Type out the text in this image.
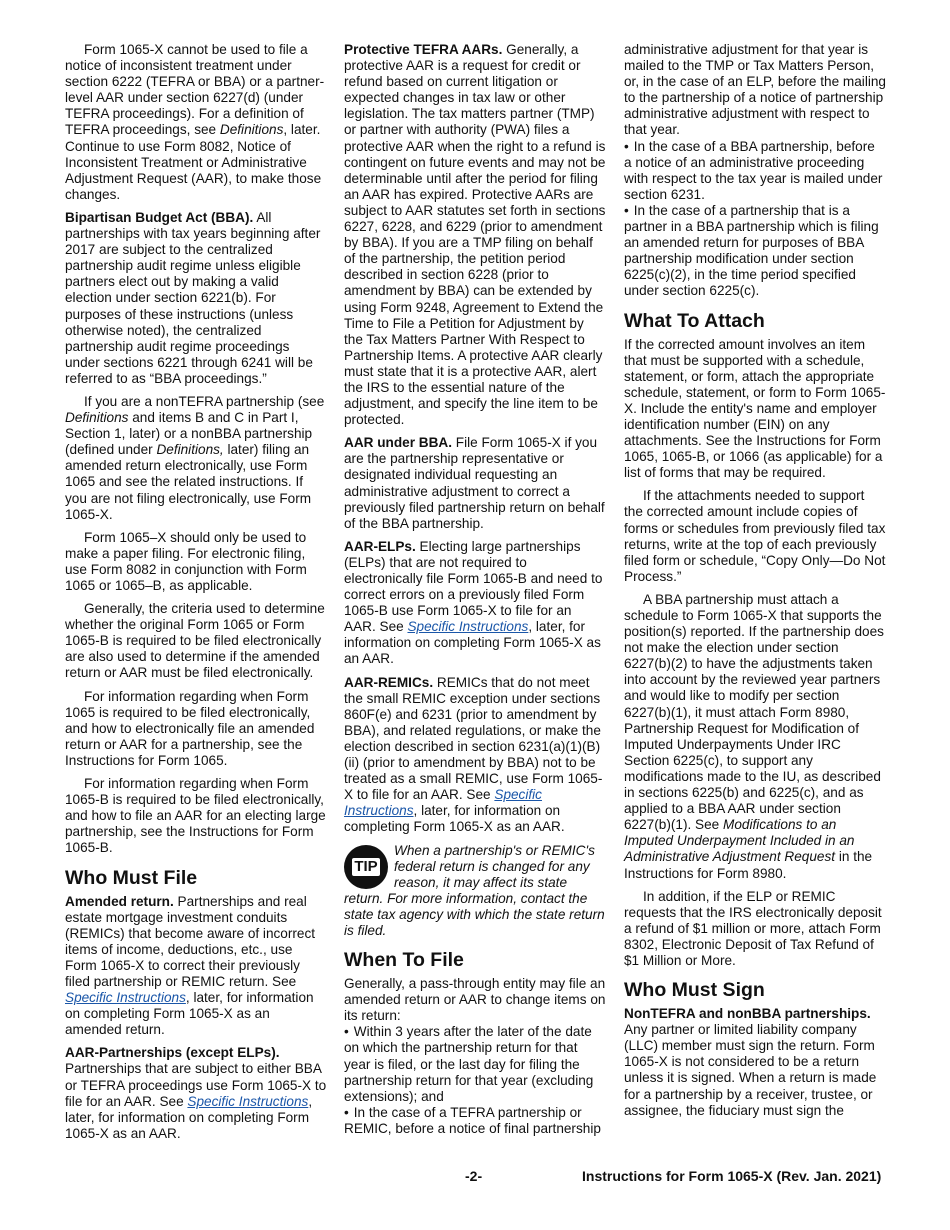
Form 1065-X cannot be used to file a notice of inconsistent treatment under section 6222 (TEFRA or BBA) or a partner-level AAR under section 6227(d) (under TEFRA proceedings). For a definition of TEFRA proceedings, see Definitions, later. Continue to use Form 8082, Notice of Inconsistent Treatment or Administrative Adjustment Request (AAR), to make those changes.

Bipartisan Budget Act (BBA). All partnerships with tax years beginning after 2017 are subject to the centralized partnership audit regime unless eligible partners elect out by making a valid election under section 6221(b). For purposes of these instructions (unless otherwise noted), the centralized partnership audit regime proceedings under sections 6221 through 6241 will be referred to as “BBA proceedings.”

If you are a nonTEFRA partnership (see Definitions and items B and C in Part I, Section 1, later) or a nonBBA partnership (defined under Definitions, later) filing an amended return electronically, use Form 1065 and see the related instructions. If you are not filing electronically, use Form 1065-X.

Form 1065–X should only be used to make a paper filing. For electronic filing, use Form 8082 in conjunction with Form 1065 or 1065–B, as applicable.

Generally, the criteria used to determine whether the original Form 1065 or Form 1065-B is required to be filed electronically are also used to determine if the amended return or AAR must be filed electronically.

For information regarding when Form 1065 is required to be filed electronically, and how to electronically file an amended return or AAR for a partnership, see the Instructions for Form 1065.

For information regarding when Form 1065-B is required to be filed electronically, and how to file an AAR for an electing large partnership, see the Instructions for Form 1065-B.

Who Must File

Amended return. Partnerships and real estate mortgage investment conduits (REMICs) that become aware of incorrect items of income, deductions, etc., use Form 1065-X to correct their previously filed partnership or REMIC return. See Specific Instructions, later, for information on completing Form 1065-X as an amended return.

AAR-Partnerships (except ELPs). Partnerships that are subject to either BBA or TEFRA proceedings use Form 1065-X to file for an AAR. See Specific Instructions, later, for information on completing Form 1065-X as an AAR.

Protective TEFRA AARs. Generally, a protective AAR is a request for credit or refund based on current litigation or expected changes in tax law or other legislation. The tax matters partner (TMP) or partner with authority (PWA) files a protective AAR when the right to a refund is contingent on future events and may not be determinable until after the period for filing an AAR has expired. Protective AARs are subject to AAR statutes set forth in sections 6227, 6228, and 6229 (prior to amendment by BBA). If you are a TMP filing on behalf of the partnership, the petition period described in section 6228 (prior to amendment by BBA) can be extended by using Form 9248, Agreement to Extend the Time to File a Petition for Adjustment by the Tax Matters Partner With Respect to Partnership Items. A protective AAR clearly must state that it is a protective AAR, alert the IRS to the essential nature of the adjustment, and specify the line item to be protected.

AAR under BBA. File Form 1065-X if you are the partnership representative or designated individual requesting an administrative adjustment to correct a previously filed partnership return on behalf of the BBA partnership.

AAR-ELPs. Electing large partnerships (ELPs) that are not required to electronically file Form 1065-B and need to correct errors on a previously filed Form 1065-B use Form 1065-X to file for an AAR. See Specific Instructions, later, for information on completing Form 1065-X as an AAR.

AAR-REMICs. REMICs that do not meet the small REMIC exception under sections 860F(e) and 6231 (prior to amendment by BBA), and related regulations, or make the election described in section 6231(a)(1)(B)(ii) (prior to amendment by BBA) not to be treated as a small REMIC, use Form 1065-X to file for an AAR. See Specific Instructions, later, for information on completing Form 1065-X as an AAR.

TIP
When a partnership's or REMIC's federal return is changed for any reason, it may affect its state return. For more information, contact the state tax agency with which the state return is filed.
When To File

Generally, a pass-through entity may file an amended return or AAR to change items on its return:

• Within 3 years after the later of the date on which the partnership return for that year is filed, or the last day for filing the partnership return for that year (excluding extensions); and

• In the case of a TEFRA partnership or REMIC, before a notice of final partnership

administrative adjustment for that year is mailed to the TMP or Tax Matters Person, or, in the case of an ELP, before the mailing to the partnership of a notice of partnership administrative adjustment with respect to that year.

• In the case of a BBA partnership, before a notice of an administrative proceeding with respect to the tax year is mailed under section 6231.

• In the case of a partnership that is a partner in a BBA partnership which is filing an amended return for purposes of BBA partnership modification under section 6225(c)(2), in the time period specified under section 6225(c).

What To Attach

If the corrected amount involves an item that must be supported with a schedule, statement, or form, attach the appropriate schedule, statement, or form to Form 1065-X. Include the entity's name and employer identification number (EIN) on any attachments. See the Instructions for Form 1065, 1065-B, or 1066 (as applicable) for a list of forms that may be required.

If the attachments needed to support the corrected amount include copies of forms or schedules from previously filed tax returns, write at the top of each previously filed form or schedule, “Copy Only—Do Not Process.”

A BBA partnership must attach a schedule to Form 1065-X that supports the position(s) reported. If the partnership does not make the election under section 6227(b)(2) to have the adjustments taken into account by the reviewed year partners and would like to modify per section 6227(b)(1), it must attach Form 8980, Partnership Request for Modification of Imputed Underpayments Under IRC Section 6225(c), to support any modifications made to the IU, as described in sections 6225(b) and 6225(c), and as applied to a BBA AAR under section 6227(b)(1). See Modifications to an Imputed Underpayment Included in an Administrative Adjustment Request in the Instructions for Form 8980.

In addition, if the ELP or REMIC requests that the IRS electronically deposit a refund of $1 million or more, attach Form 8302, Electronic Deposit of Tax Refund of $1 Million or More.

Who Must Sign

NonTEFRA and nonBBA partnerships. Any partner or limited liability company (LLC) member must sign the return. Form 1065-X is not considered to be a return unless it is signed. When a return is made for a partnership by a receiver, trustee, or assignee, the fiduciary must sign the

-2-	Instructions for Form 1065-X (Rev. Jan. 2021)
